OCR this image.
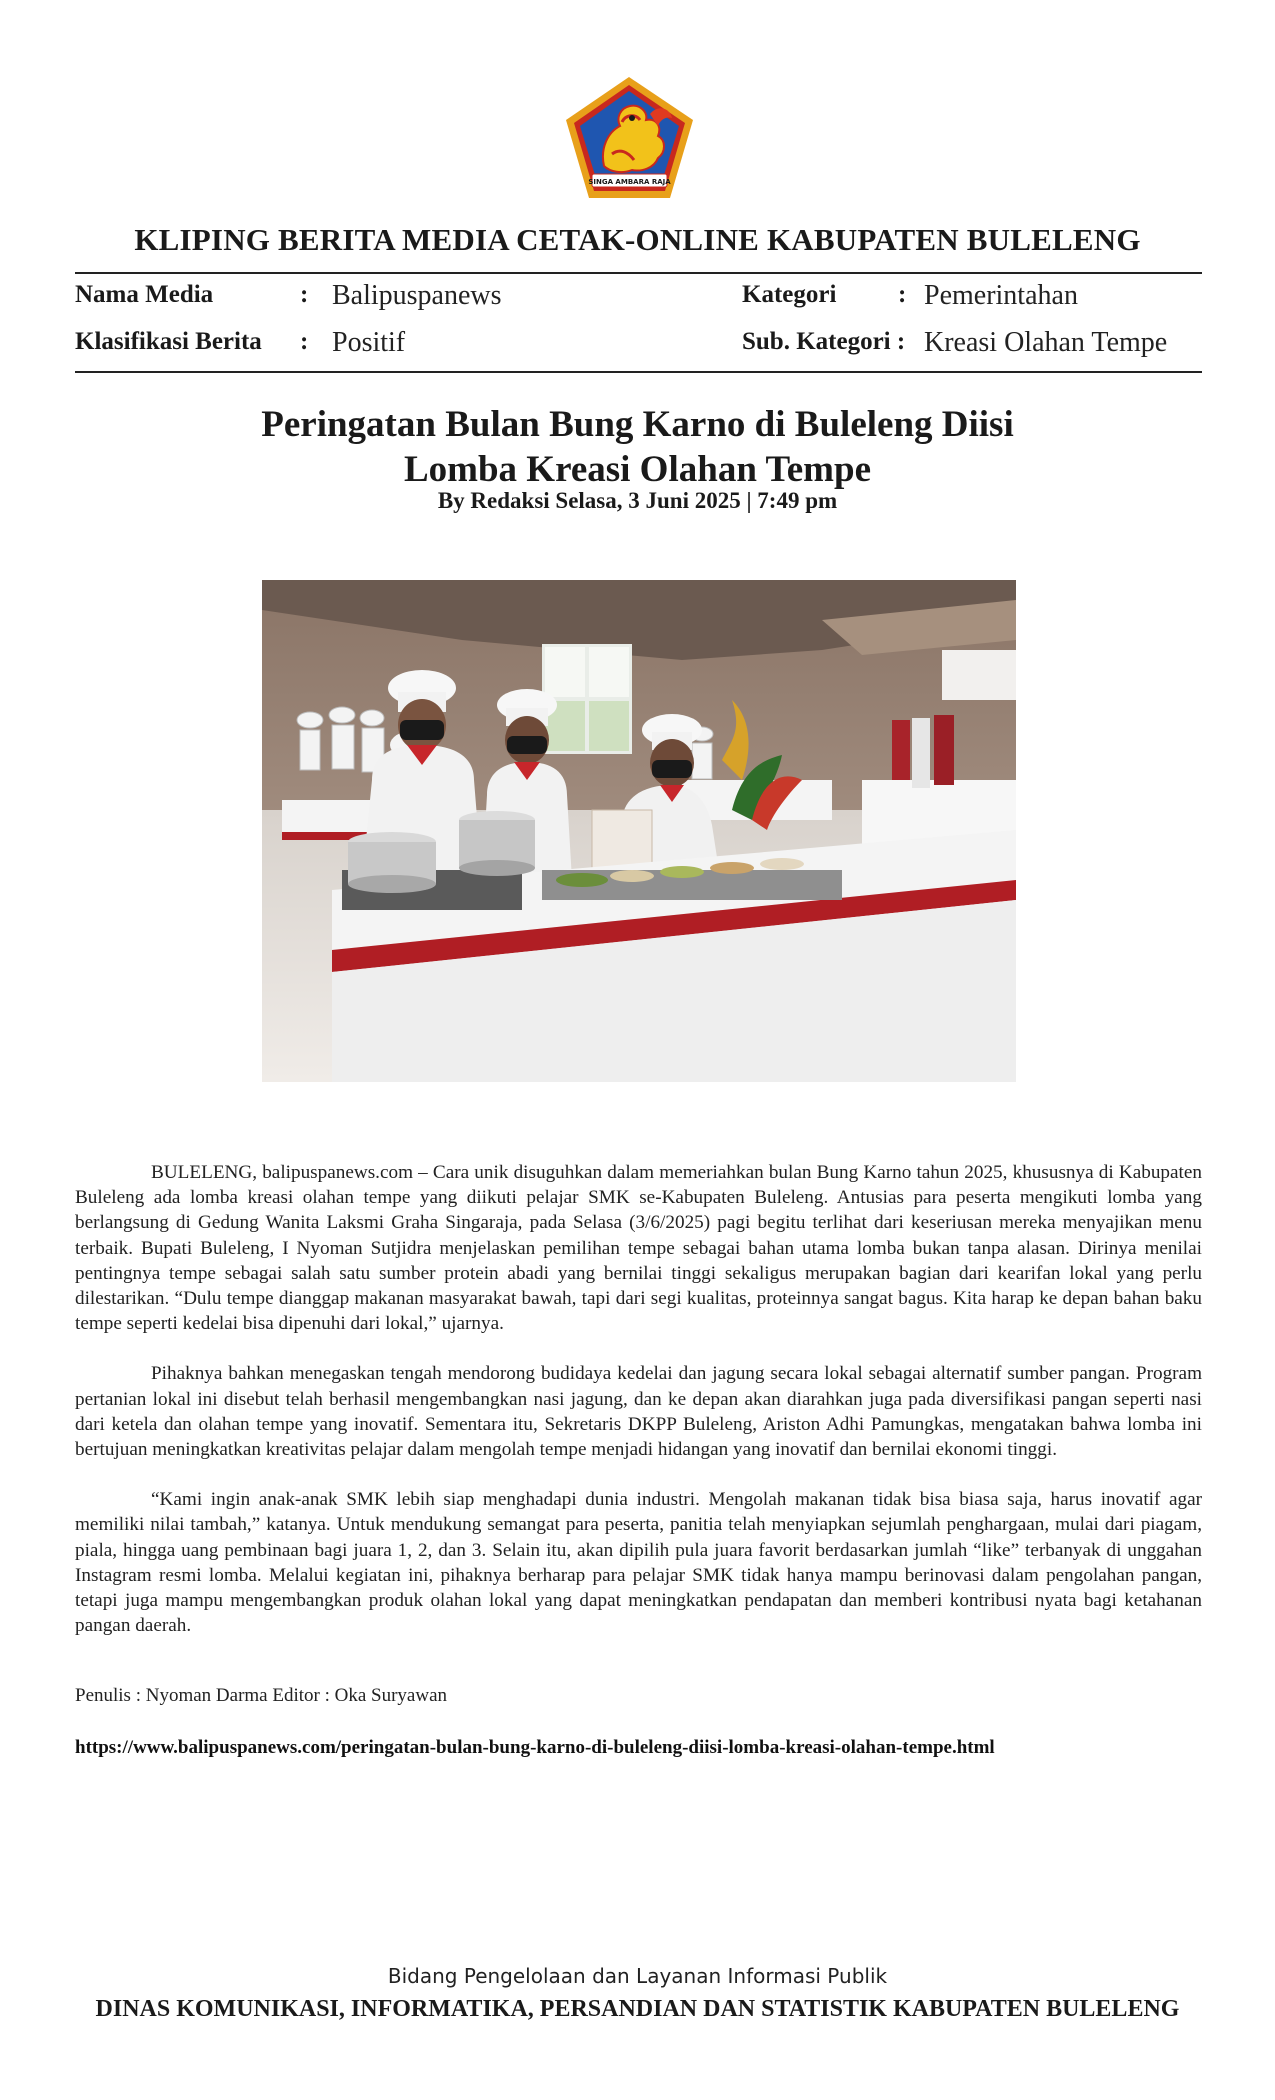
SINGA AMBARA RAJA
KLIPING BERITA MEDIA CETAK-ONLINE KABUPATEN BULELENG
Nama Media	: Balipuspanews	Kategori : Pemerintahan
Klasifikasi Berita : Positif	Sub. Kategori : Kreasi Olahan Tempe
Peringatan Bulan Bung Karno di Buleleng Diisi
Lomba Kreasi Olahan Tempe
By Redaksi Selasa, 3 Juni 2025 | 7:49 pm

BULELENG, balipuspanews.com – Cara unik disuguhkan dalam memeriahkan bulan Bung Karno tahun 2025, khususnya di Kabupaten Buleleng ada lomba kreasi olahan tempe yang diikuti pelajar SMK se-Kabupaten Buleleng. Antusias para peserta mengikuti lomba yang berlangsung di Gedung Wanita Laksmi Graha Singaraja, pada Selasa (3/6/2025) pagi begitu terlihat dari keseriusan mereka menyajikan menu terbaik. Bupati Buleleng, I Nyoman Sutjidra menjelaskan pemilihan tempe sebagai bahan utama lomba bukan tanpa alasan. Dirinya menilai pentingnya tempe sebagai salah satu sumber protein abadi yang bernilai tinggi sekaligus merupakan bagian dari kearifan lokal yang perlu dilestarikan. “Dulu tempe dianggap makanan masyarakat bawah, tapi dari segi kualitas, proteinnya sangat bagus. Kita harap ke depan bahan baku tempe seperti kedelai bisa dipenuhi dari lokal,” ujarnya.

Pihaknya bahkan menegaskan tengah mendorong budidaya kedelai dan jagung secara lokal sebagai alternatif sumber pangan. Program pertanian lokal ini disebut telah berhasil mengembangkan nasi jagung, dan ke depan akan diarahkan juga pada diversifikasi pangan seperti nasi dari ketela dan olahan tempe yang inovatif. Sementara itu, Sekretaris DKPP Buleleng, Ariston Adhi Pamungkas, mengatakan bahwa lomba ini bertujuan meningkatkan kreativitas pelajar dalam mengolah tempe menjadi hidangan yang inovatif dan bernilai ekonomi tinggi.

“Kami ingin anak-anak SMK lebih siap menghadapi dunia industri. Mengolah makanan tidak bisa biasa saja, harus inovatif agar memiliki nilai tambah,” katanya. Untuk mendukung semangat para peserta, panitia telah menyiapkan sejumlah penghargaan, mulai dari piagam, piala, hingga uang pembinaan bagi juara 1, 2, dan 3. Selain itu, akan dipilih pula juara favorit berdasarkan jumlah “like” terbanyak di unggahan Instagram resmi lomba. Melalui kegiatan ini, pihaknya berharap para pelajar SMK tidak hanya mampu berinovasi dalam pengolahan pangan, tetapi juga mampu mengembangkan produk olahan lokal yang dapat meningkatkan pendapatan dan memberi kontribusi nyata bagi ketahanan pangan daerah.

Penulis : Nyoman Darma Editor : Oka Suryawan
https://www.balipuspanews.com/peringatan-bulan-bung-karno-di-buleleng-diisi-lomba-kreasi-olahan-tempe.html
Bidang Pengelolaan dan Layanan Informasi Publik
DINAS KOMUNIKASI, INFORMATIKA, PERSANDIAN DAN STATISTIK KABUPATEN BULELENG
